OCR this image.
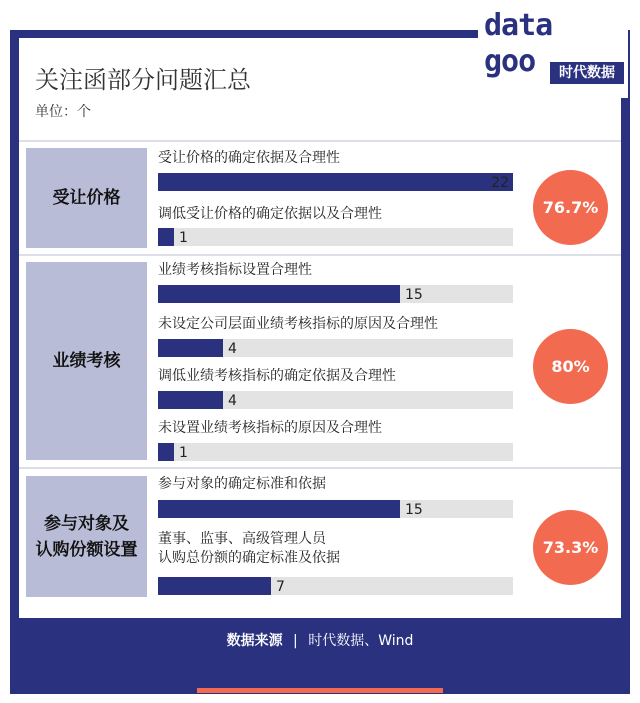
data
goo	时代数据
关注函部分问题汇总
单位：个
受让价格
受让价格的确定依据及合理性
22
调低受让价格的确定依据以及合理性
1
76.7%
业绩考核
业绩考核指标设置合理性
15
未设定公司层面业绩考核指标的原因及合理性
4
调低业绩考核指标的确定依据及合理性
4
未设置业绩考核指标的原因及合理性
1
80%
参与对象及
认购份额设置
参与对象的确定标准和依据
15
董事、监事、高级管理人员
认购总份额的确定标准及依据
7
73.3%
数据来源 | 时代数据、Wind
